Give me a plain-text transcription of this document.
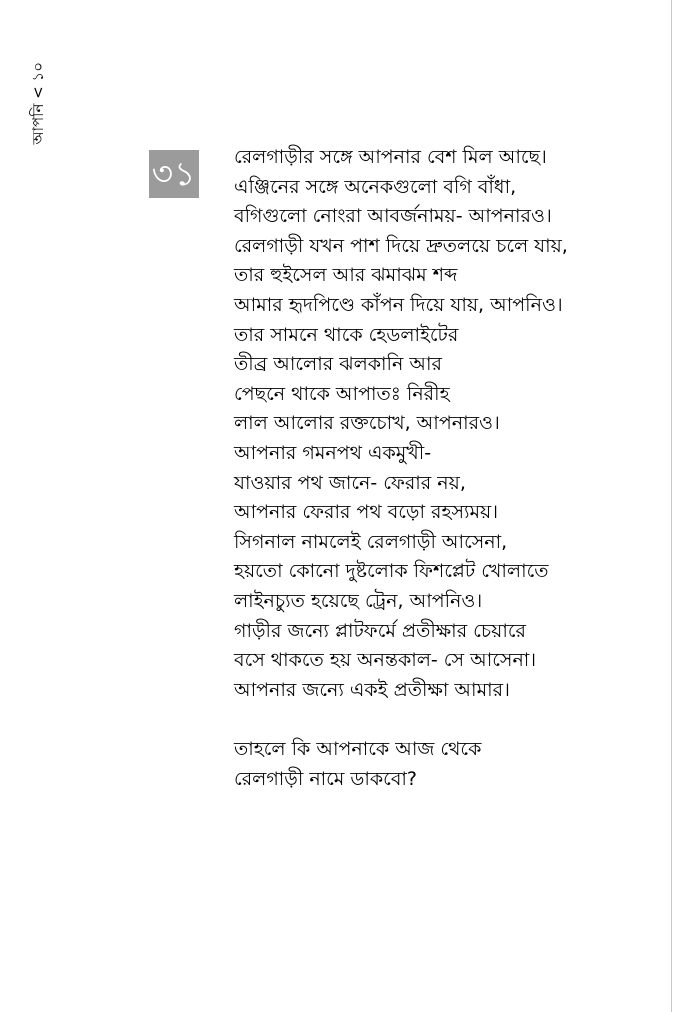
আপনি < ১০
৩১ রেলগাড়ীর সঙ্গে আপনার বেশ মিল আছে।
এঞ্জিনের সঙ্গে অনেকগুলো বগি বাঁধা,
বগিগুলো নোংরা আবর্জনাময়- আপনারও।
রেলগাড়ী যখন পাশ দিয়ে দ্রুতলয়ে চলে যায়,
তার হুইসেল আর ঝমাঝম শব্দ
আমার হৃদপিণ্ডে কাঁপন দিয়ে যায়, আপনিও।
তার সামনে থাকে হেডলাইটের
তীব্র আলোর ঝলকানি আর
পেছনে থাকে আপাতঃ নিরীহ
লাল আলোর রক্তচোখ, আপনারও।
আপনার গমনপথ একমুখী-
যাওয়ার পথ জানে- ফেরার নয়,
আপনার ফেরার পথ বড়ো রহস্যময়।
সিগনাল নামলেই রেলগাড়ী আসেনা,
হয়তো কোনো দুষ্টলোক ফিশপ্লেট খোলাতে
লাইনচ্যুত হয়েছে ট্রেন, আপনিও।
গাড়ীর জন্যে প্লাটফর্মে প্রতীক্ষার চেয়ারে
বসে থাকতে হয় অনন্তকাল- সে আসেনা।
আপনার জন্যে একই প্রতীক্ষা আমার।
তাহলে কি আপনাকে আজ থেকে
রেলগাড়ী নামে ডাকবো?
